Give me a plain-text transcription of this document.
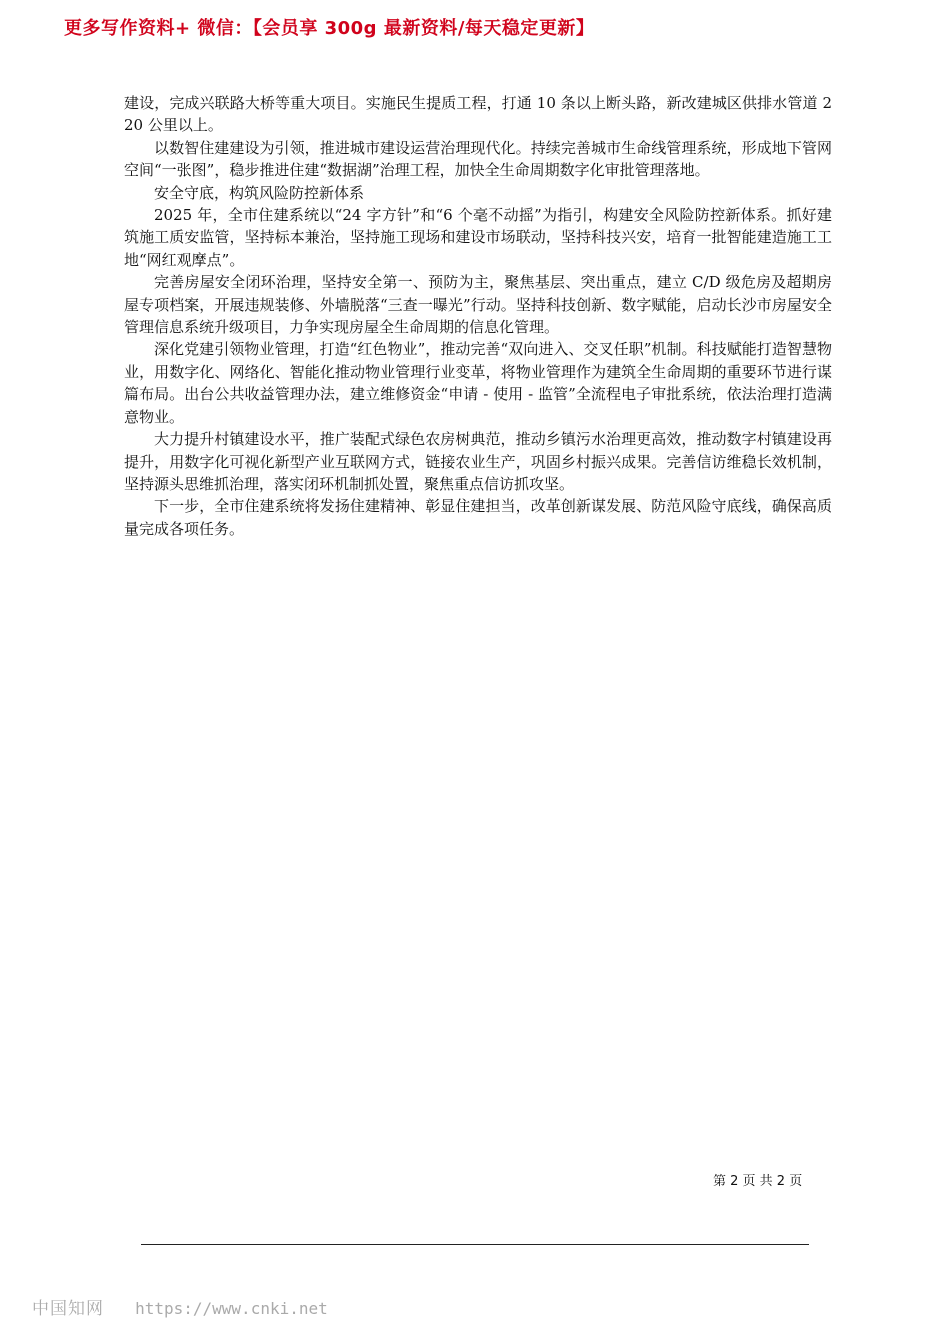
更多写作资料+ 微信：【会员享 300g 最新资料/每天稳定更新】

建设，完成兴联路大桥等重大项目。实施民生提质工程，打通 10 条以上断头路，新改建城区供排水管道 220 公里以上。

以数智住建建设为引领，推进城市建设运营治理现代化。持续完善城市生命线管理系统，形成地下管网空间“一张图”，稳步推进住建“数据湖”治理工程，加快全生命周期数字化审批管理落地。

安全守底，构筑风险防控新体系

2025 年，全市住建系统以“24 字方针”和“6 个毫不动摇”为指引，构建安全风险防控新体系。抓好建筑施工质安监管，坚持标本兼治，坚持施工现场和建设市场联动，坚持科技兴安，培育一批智能建造施工工地“网红观摩点”。

完善房屋安全闭环治理，坚持安全第一、预防为主，聚焦基层、突出重点，建立 C/D 级危房及超期房屋专项档案，开展违规装修、外墙脱落“三查一曝光”行动。坚持科技创新、数字赋能，启动长沙市房屋安全管理信息系统升级项目，力争实现房屋全生命周期的信息化管理。

深化党建引领物业管理，打造“红色物业”，推动完善“双向进入、交叉任职”机制。科技赋能打造智慧物业，用数字化、网络化、智能化推动物业管理行业变革，将物业管理作为建筑全生命周期的重要环节进行谋篇布局。出台公共收益管理办法，建立维修资金“申请 - 使用 - 监管”全流程电子审批系统，依法治理打造满意物业。

大力提升村镇建设水平，推广装配式绿色农房树典范，推动乡镇污水治理更高效，推动数字村镇建设再提升，用数字化可视化新型产业互联网方式，链接农业生产，巩固乡村振兴成果。完善信访维稳长效机制，坚持源头思维抓治理，落实闭环机制抓处置，聚焦重点信访抓攻坚。

下一步，全市住建系统将发扬住建精神、彰显住建担当，改革创新谋发展、防范风险守底线，确保高质量完成各项任务。

第 2 页 共 2 页
中国知网 https://www.cnki.net
